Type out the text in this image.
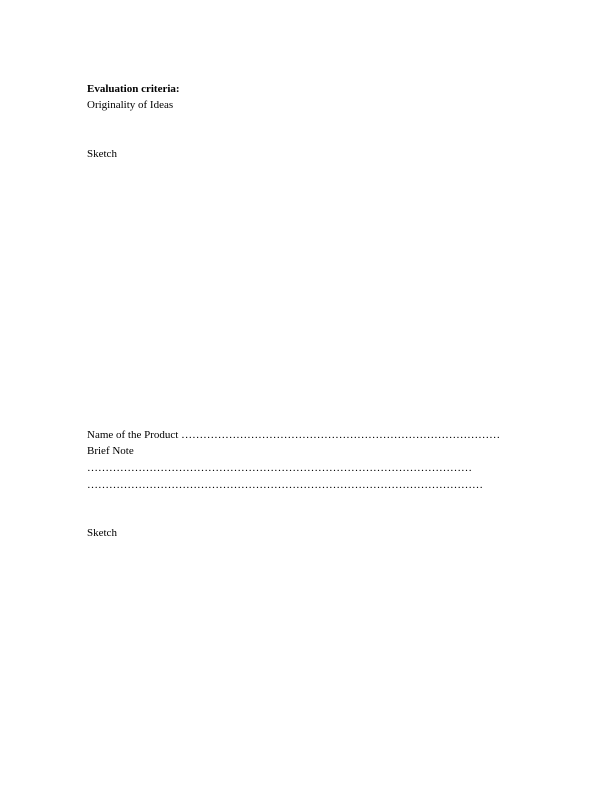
Evaluation criteria:

Originality of Ideas

Sketch

Name of the Product ……………………………………………………………………………

Brief Note

……………………………………………………………………………………………

………………………………………………………………………………………………

Sketch
